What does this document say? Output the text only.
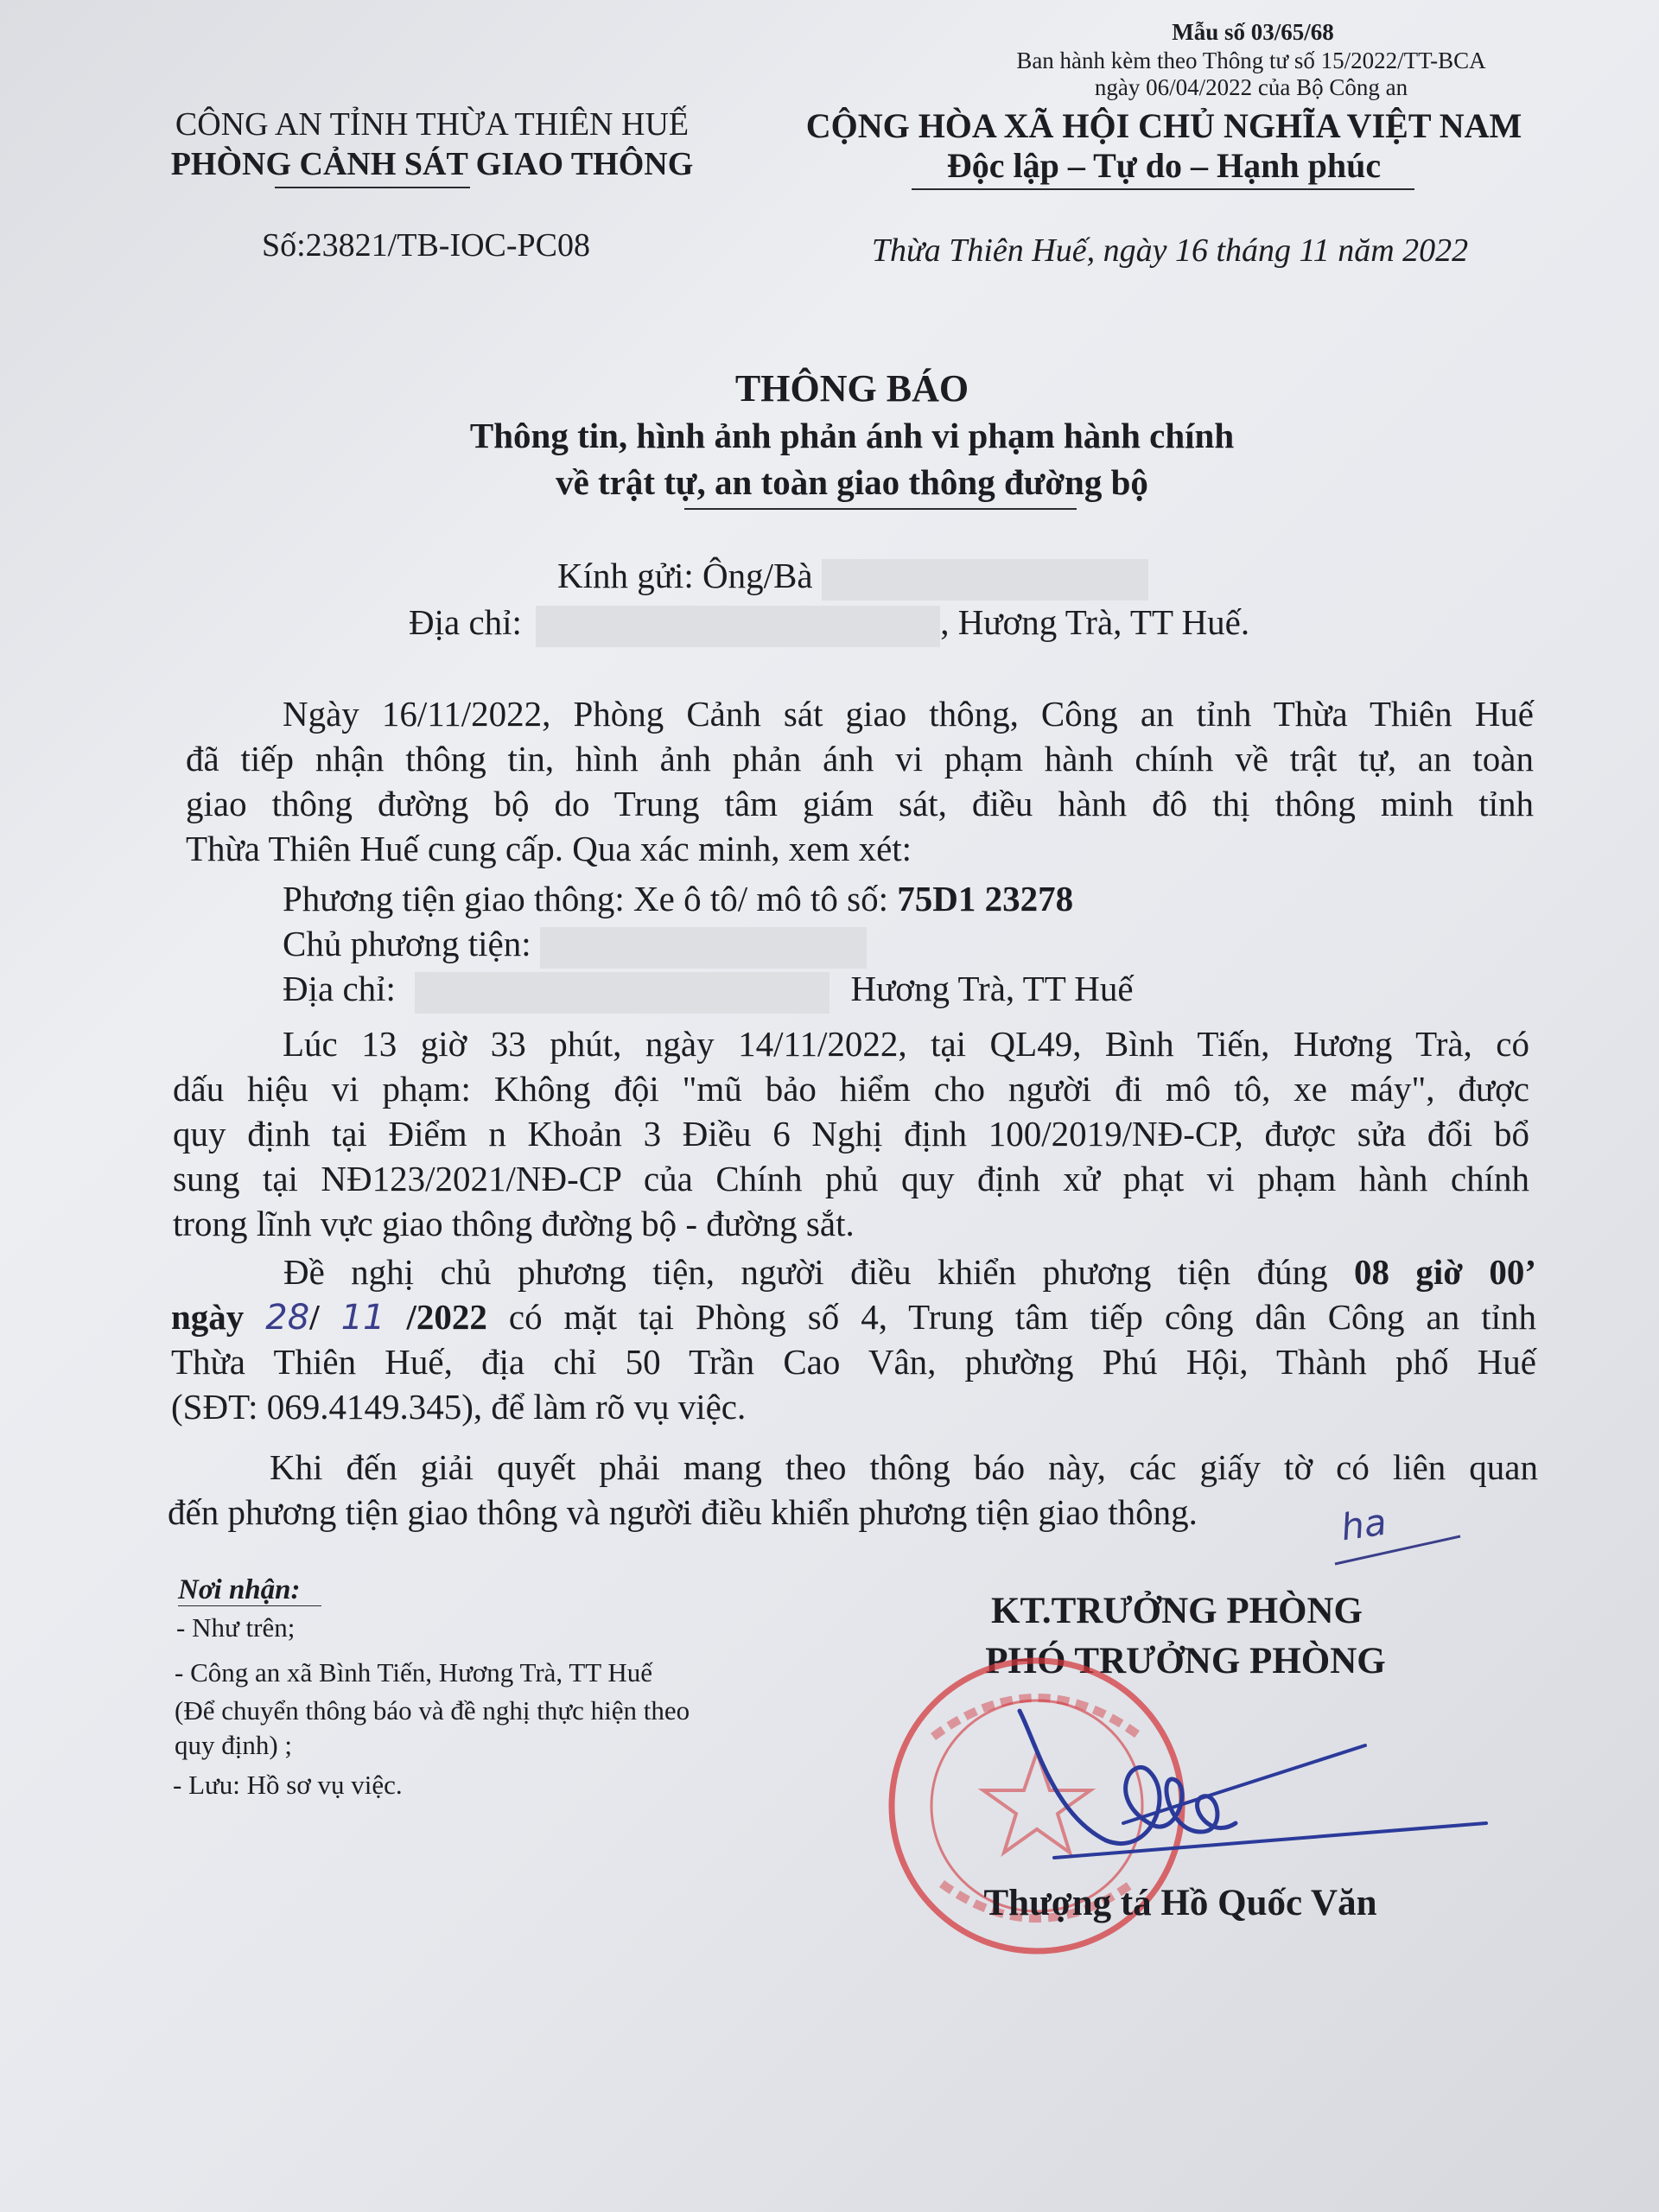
Mẫu số 03/65/68
Ban hành kèm theo Thông tư số 15/2022/TT-BCA
ngày 06/04/2022 của Bộ Công an
CÔNG AN TỈNH THỪA THIÊN HUẾ
PHÒNG CẢNH SÁT GIAO THÔNG
Số:23821/TB-IOC-PC08
CỘNG HÒA XÃ HỘI CHỦ NGHĨA VIỆT NAM
Độc lập – Tự do – Hạnh phúc
Thừa Thiên Huế, ngày 16 tháng 11 năm 2022
THÔNG BÁO
Thông tin, hình ảnh phản ánh vi phạm hành chính
về trật tự, an toàn giao thông đường bộ
Kính gửi: Ông/Bà
Địa chỉ:	, Hương Trà, TT Huế.
Ngày 16/11/2022, Phòng Cảnh sát giao thông, Công an tỉnh Thừa Thiên Huế
đã tiếp nhận thông tin, hình ảnh phản ánh vi phạm hành chính về trật tự, an toàn
giao thông đường bộ do Trung tâm giám sát, điều hành đô thị thông minh tỉnh
Thừa Thiên Huế cung cấp. Qua xác minh, xem xét:
Phương tiện giao thông: Xe ô tô/ mô tô số: 75D1 23278
Chủ phương tiện:
Địa chỉ:	Hương Trà, TT Huế
Lúc 13 giờ 33 phút, ngày 14/11/2022, tại QL49, Bình Tiến, Hương Trà, có
dấu hiệu vi phạm: Không đội "mũ bảo hiểm cho người đi mô tô, xe máy", được
quy định tại Điểm n Khoản 3 Điều 6 Nghị định 100/2019/NĐ-CP, được sửa đổi bổ
sung tại NĐ123/2021/NĐ-CP của Chính phủ quy định xử phạt vi phạm hành chính
trong lĩnh vực giao thông đường bộ - đường sắt.
Đề nghị chủ phương tiện, người điều khiển phương tiện đúng 08 giờ 00’
ngày 28/ 11 /2022 có mặt tại Phòng số 4, Trung tâm tiếp công dân Công an tỉnh
Thừa Thiên Huế, địa chỉ 50 Trần Cao Vân, phường Phú Hội, Thành phố Huế
(SĐT: 069.4149.345), để làm rõ vụ việc.
Khi đến giải quyết phải mang theo thông báo này, các giấy tờ có liên quan
đến phương tiện giao thông và người điều khiển phương tiện giao thông.	ha
Nơi nhận:
- Như trên;
- Công an xã Bình Tiến, Hương Trà, TT Huế
(Để chuyển thông báo và đề nghị thực hiện theo
quy định) ;
- Lưu: Hồ sơ vụ việc.
KT.TRƯỞNG PHÒNG
PHÓ TRƯỞNG PHÒNG
Thượng tá Hồ Quốc Văn
